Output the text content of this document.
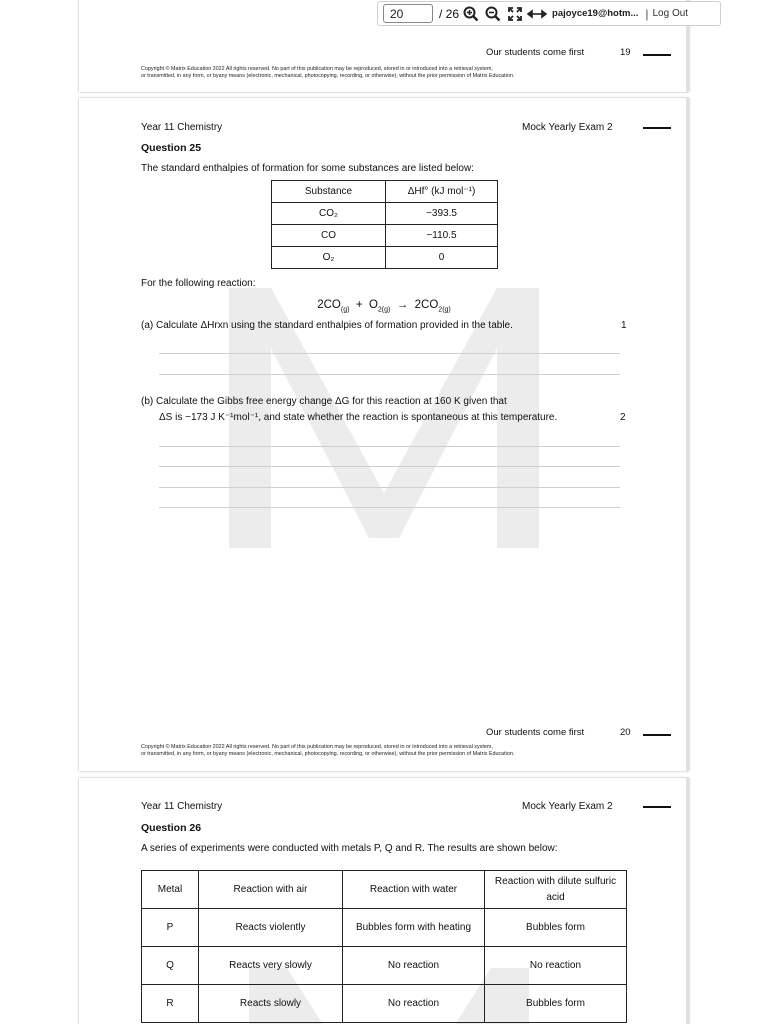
20
/ 26	pajoyce19@hotm... | Log Out
Our students come first	19
Copyright © Matrix Education 2022 All rights reserved. No part of this publication may be reproduced, stored in or introduced into a retrieval system,
or transmitted, in any form, or byany means (electronic, mechanical, photocopying, recording, or otherwise), without the prior permission of Matrix Education.
Year 11 Chemistry	Mock Yearly Exam 2
Question 25
The standard enthalpies of formation for some substances are listed below:
Substance	ΔHf° (kJ mol⁻¹)
CO₂	−393.5
CO	−110.5
O₂	0
For the following reaction:
$2CO_{(g)} + O_{2(g)} \to 2CO_{2(g)}$
(a) Calculate ΔHrxn using the standard enthalpies of formation provided in the table.	1
(b) Calculate the Gibbs free energy change ΔG for this reaction at 160 K given that
ΔS is −173 J K⁻¹mol⁻¹, and state whether the reaction is spontaneous at this temperature.	2
Our students come first	20
Copyright © Matrix Education 2022 All rights reserved. No part of this publication may be reproduced, stored in or introduced into a retrieval system,
or transmitted, in any form, or byany means (electronic, mechanical, photocopying, recording, or otherwise), without the prior permission of Matrix Education.
Year 11 Chemistry	Mock Yearly Exam 2
Question 26
A series of experiments were conducted with metals P, Q and R. The results are shown below:
Metal	Reaction with air	Reaction with water	Reaction with dilute sulfuric acid
P	Reacts violently	Bubbles form with heating	Bubbles form
Q	Reacts very slowly	No reaction	No reaction
R	Reacts slowly	No reaction	Bubbles form
